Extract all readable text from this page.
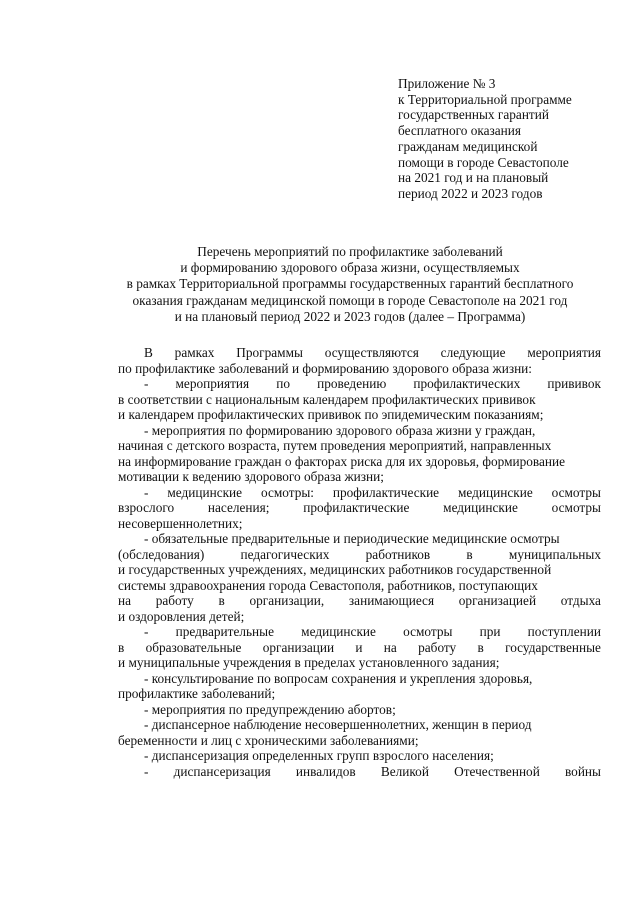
Приложение № 3
к Территориальной программе
государственных гарантий
бесплатного оказания
гражданам медицинской
помощи в городе Севастополе
на 2021 год и на плановый
период 2022 и 2023 годов
Перечень мероприятий по профилактике заболеваний
и формированию здорового образа жизни, осуществляемых
в рамках Территориальной программы государственных гарантий бесплатного
оказания гражданам медицинской помощи в городе Севастополе на 2021 год
и на плановый период 2022 и 2023 годов (далее – Программа)
В рамках Программы осуществляются следующие мероприятия
по профилактике заболеваний и формированию здорового образа жизни:
- мероприятия по проведению профилактических прививок
в соответствии с национальным календарем профилактических прививок
и календарем профилактических прививок по эпидемическим показаниям;
- мероприятия по формированию здорового образа жизни у граждан,
начиная с детского возраста, путем проведения мероприятий, направленных
на информирование граждан о факторах риска для их здоровья, формирование
мотивации к ведению здорового образа жизни;
- медицинские осмотры: профилактические медицинские осмотры
взрослого	населения;	профилактические	медицинские	осмотры
несовершеннолетних;
- обязательные предварительные и периодические медицинские осмотры
(обследования)	педагогических	работников	в	муниципальных
и государственных учреждениях, медицинских работников государственной
системы здравоохранения города Севастополя, работников, поступающих
на работу в организации, занимающиеся организацией отдыха
и оздоровления детей;
- предварительные медицинские осмотры при поступлении
в образовательные организации и на работу в государственные
и муниципальные учреждения в пределах установленного задания;
- консультирование по вопросам сохранения и укрепления здоровья,
профилактике заболеваний;
- мероприятия по предупреждению абортов;
- диспансерное наблюдение несовершеннолетних, женщин в период
беременности и лиц с хроническими заболеваниями;
- диспансеризация определенных групп взрослого населения;
- диспансеризация инвалидов Великой Отечественной войны
